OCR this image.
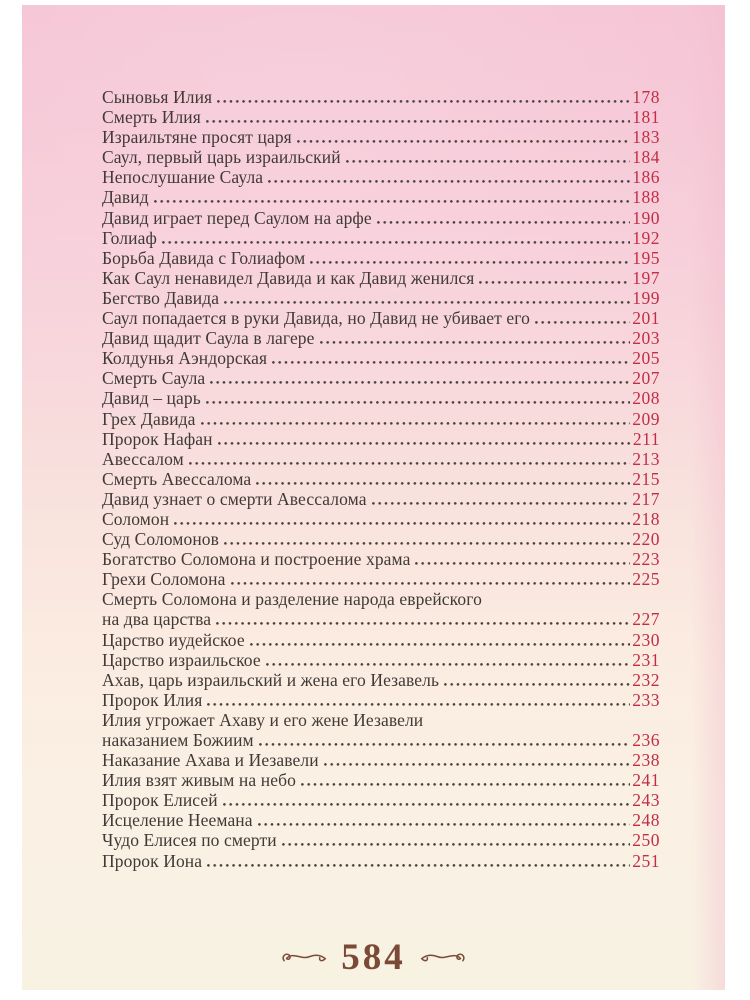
Сыновья Илия	178
Смерть Илия	181
Израильтяне просят царя	183
Саул, первый царь израильский	184
Непослушание Саула	186
Давид	188
Давид играет перед Саулом на арфе	190
Голиаф	192
Борьба Давида с Голиафом	195
Как Саул ненавидел Давида и как Давид женился	197
Бегство Давида	199
Саул попадается в руки Давида, но Давид не убивает его	201
Давид щадит Саула в лагере	203
Колдунья Аэндорская	205
Смерть Саула	207
Давид – царь	208
Грех Давида	209
Пророк Нафан	211
Авессалом	213
Смерть Авессалома	215
Давид узнает о смерти Авессалома	217
Соломон	218
Суд Соломонов	220
Богатство Соломона и построение храма	223
Грехи Соломона	225
Смерть Соломона и разделение народа еврейского
на два царства	227
Царство иудейское	230
Царство израильское	231
Ахав, царь израильский и жена его Иезавель	232
Пророк Илия	233
Илия угрожает Ахаву и его жене Иезавели
наказанием Божиим	236
Наказание Ахава и Иезавели	238
Илия взят живым на небо	241
Пророк Елисей	243
Исцеление Неемана	248
Чудо Елисея по смерти	250
Пророк Иона	251
584
